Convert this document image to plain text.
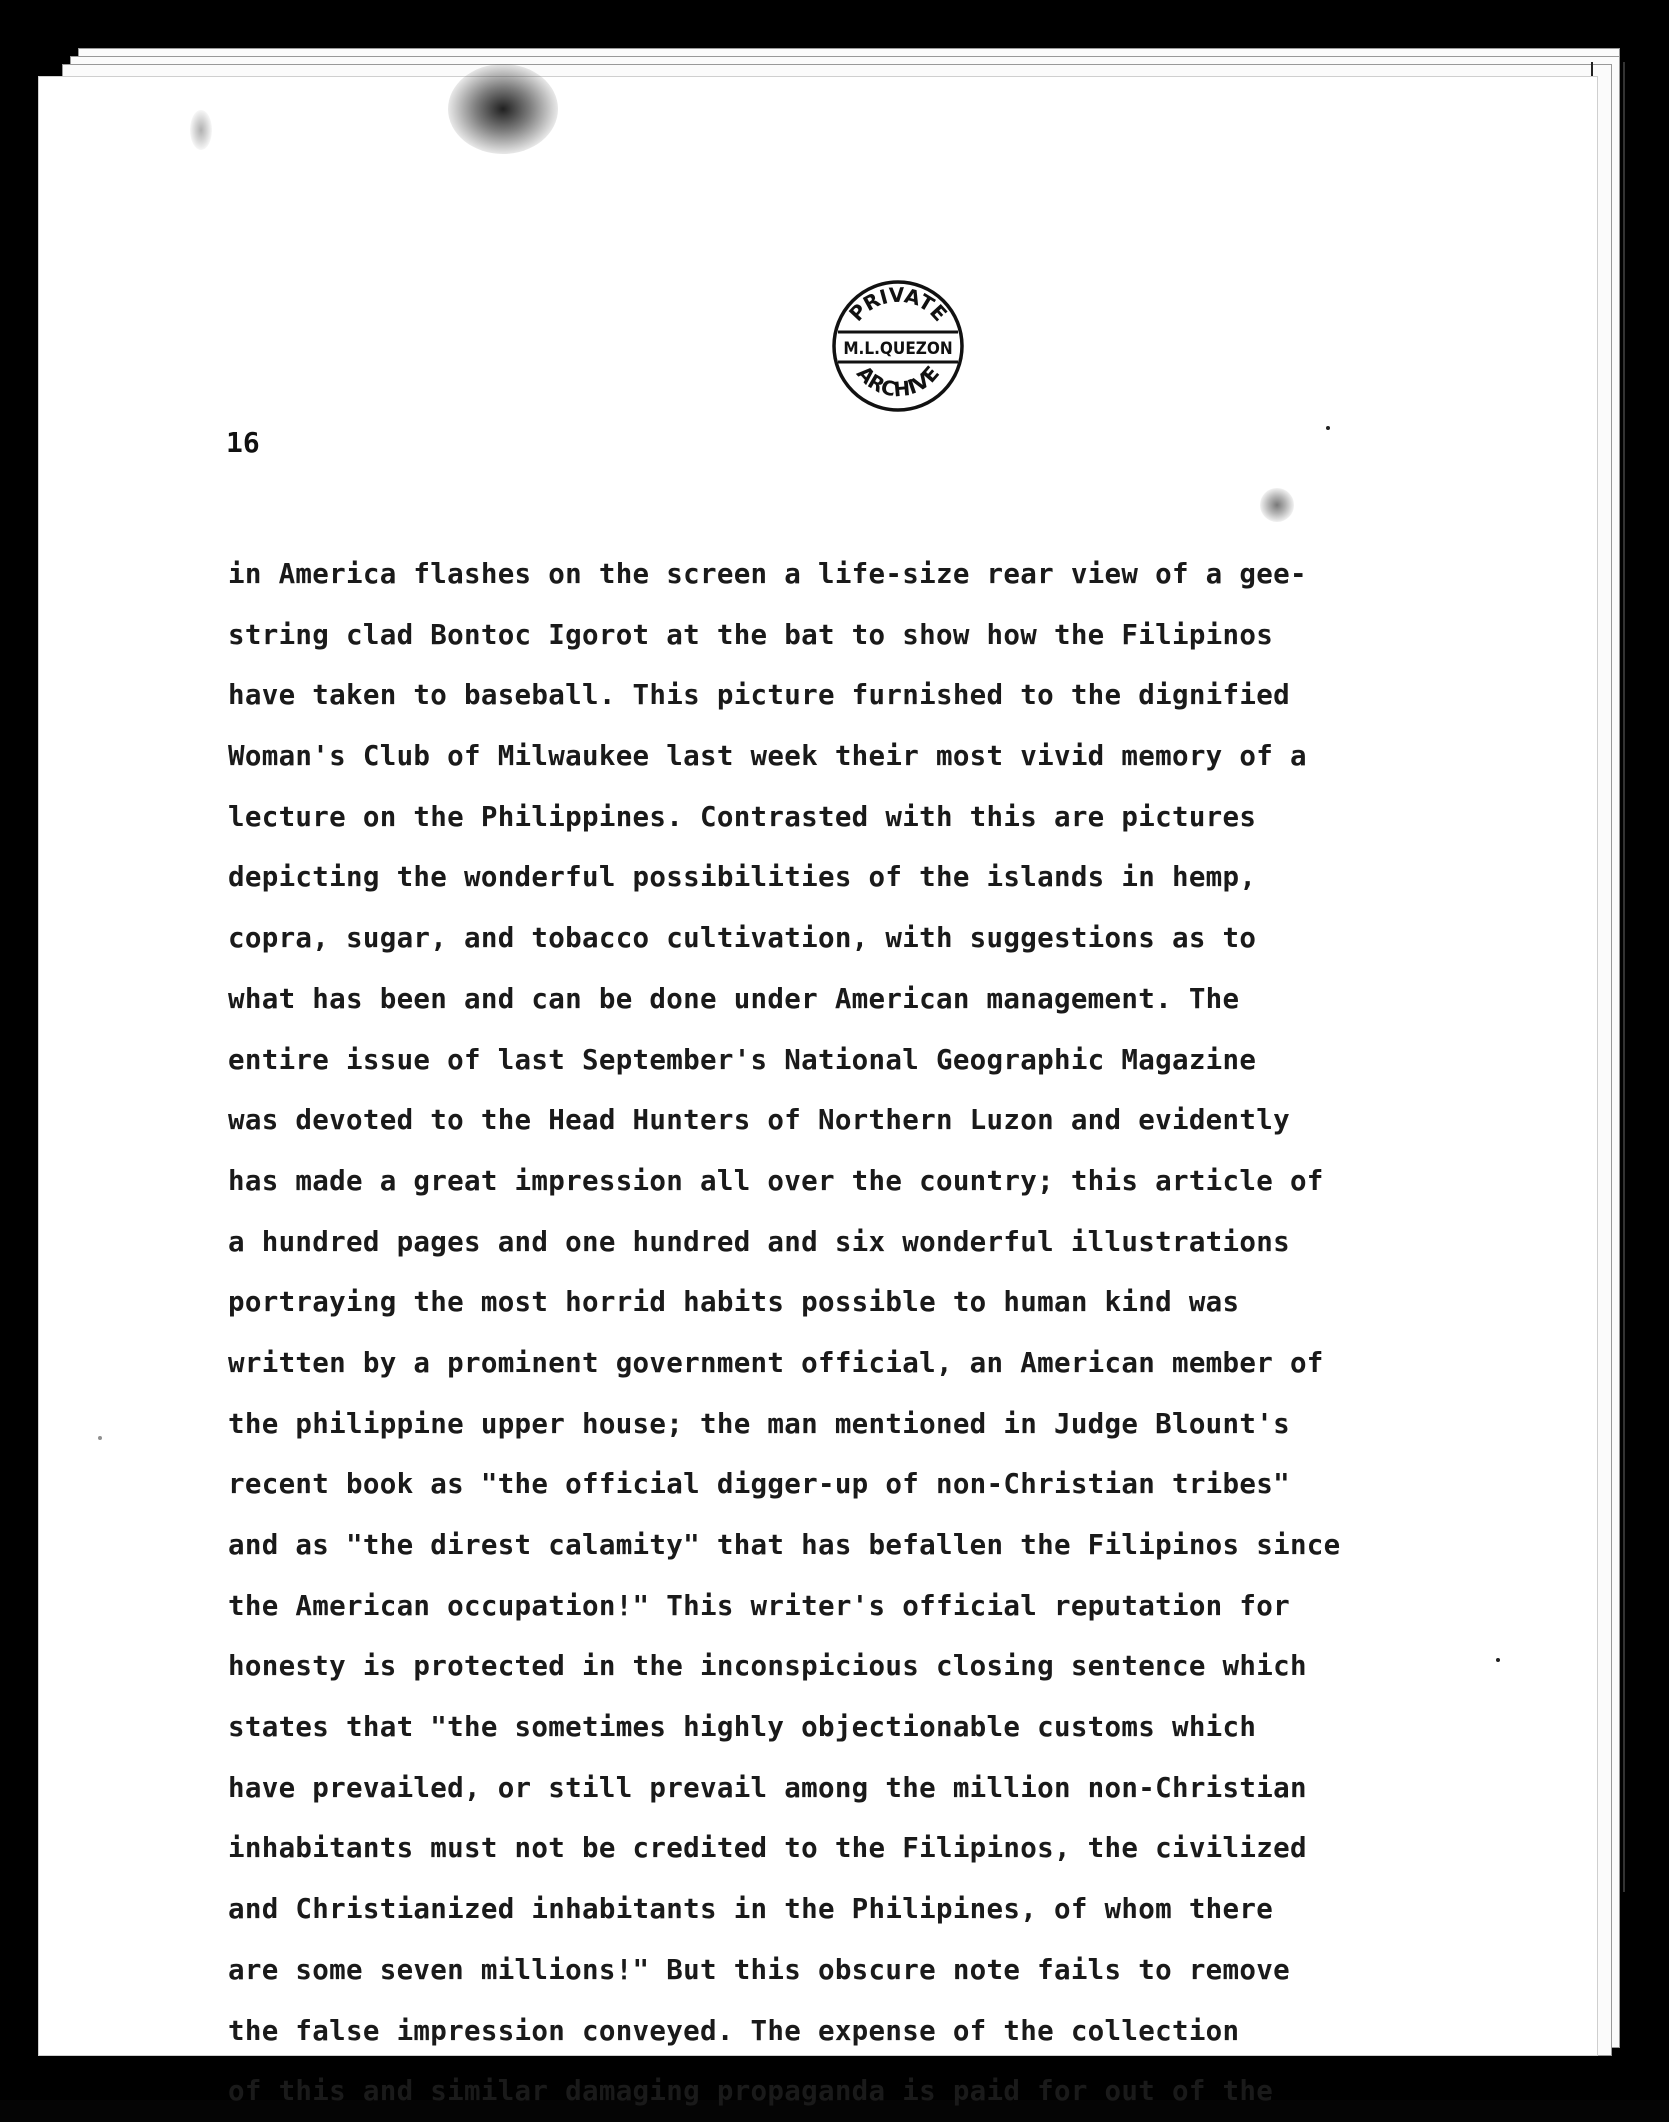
PRIVATE
M.L.QUEZON
ARCHIVE
16
in America flashes on the screen a life-size rear view of a gee-
string clad Bontoc Igorot at the bat to show how the Filipinos
have taken to baseball. This picture furnished to the dignified
Woman's Club of Milwaukee last week their most vivid memory of a
lecture on the Philippines. Contrasted with this are pictures
depicting the wonderful possibilities of the islands in hemp,
copra, sugar, and tobacco cultivation, with suggestions as to
what has been and can be done under American management. The
entire issue of last September's National Geographic Magazine
was devoted to the Head Hunters of Northern Luzon and evidently
has made a great impression all over the country; this article of
a hundred pages and one hundred and six wonderful illustrations
portraying the most horrid habits possible to human kind was
written by a prominent government official, an American member of
the philippine upper house; the man mentioned in Judge Blount's
recent book as "the official digger-up of non-Christian tribes"
and as "the direst calamity" that has befallen the Filipinos since
the American occupation!" This writer's official reputation for
honesty is protected in the inconspicious closing sentence which
states that "the sometimes highly objectionable customs which
have prevailed, or still prevail among the million non-Christian
inhabitants must not be credited to the Filipinos, the civilized
and Christianized inhabitants in the Philipines, of whom there
are some seven millions!" But this obscure note fails to remove
the false impression conveyed. The expense of the collection
of this and similar damaging propaganda is paid for out of the
